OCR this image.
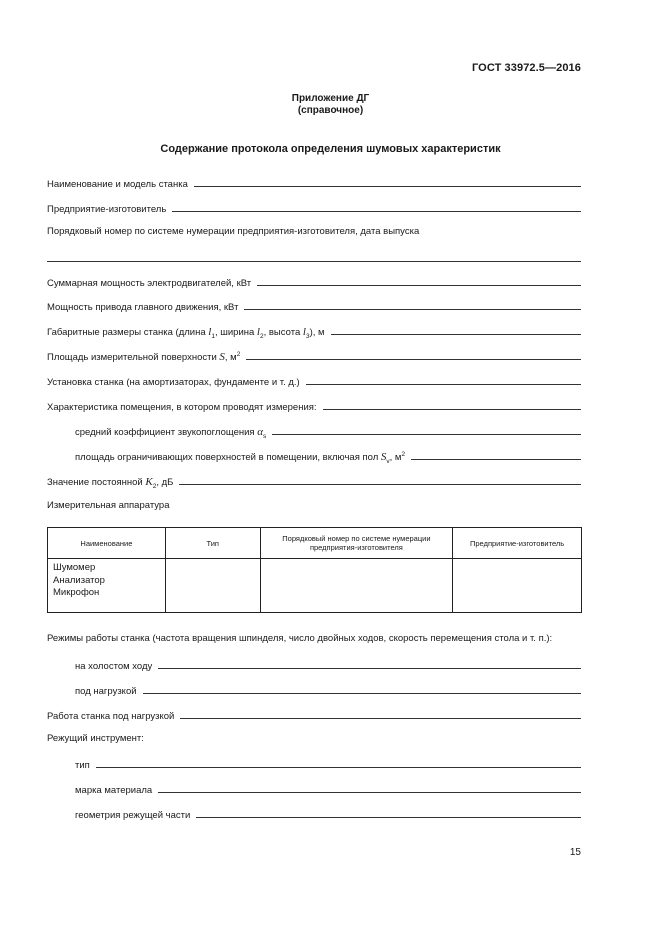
ГОСТ 33972.5—2016
Приложение ДГ
(справочное)
Содержание протокола определения шумовых характеристик
Наименование и модель станка
Предприятие-изготовитель
Порядковый номер по системе нумерации предприятия-изготовителя, дата выпуска
Суммарная мощность электродвигателей, кВт
Мощность привода главного движения, кВт
Габаритные размеры станка (длина $l_1$, ширина $l_2$, высота $l_3$), м
Площадь измерительной поверхности S, $м^2$
Установка станка (на амортизаторах, фундаменте и т. д.)
Характеристика помещения, в котором проводят измерения:
средний коэффициент звукопоглощения $\alpha_s$
площадь ограничивающих поверхностей в помещении, включая пол $S_v$, $м^2$
Значение постоянной $K_2$, дБ
Измерительная аппаратура
Наименование	Тип	Порядковый номер по системе нумерации предприятия-изготовителя	Предприятие-изготовитель

Шумомер
Анализатор
Микрофон			

Режимы работы станка (частота вращения шпинделя, число двойных ходов, скорость перемещения стола и т. п.):
на холостом ходу
под нагрузкой
Работа станка под нагрузкой
Режущий инструмент:
тип
марка материала
геометрия режущей части
15
